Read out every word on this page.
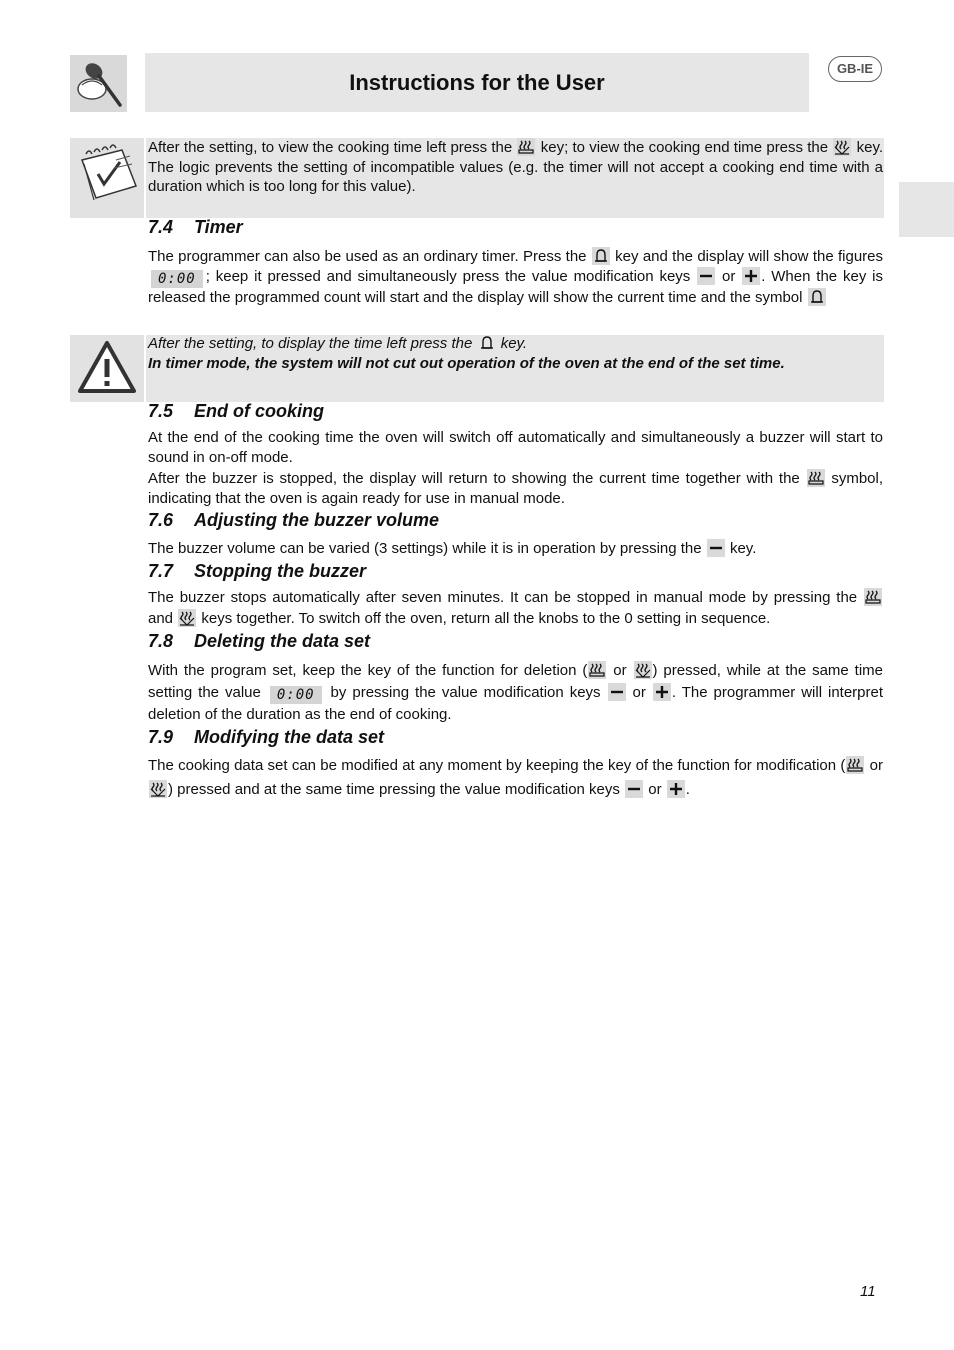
Instructions for the User
GB-IE

After the setting, to view the cooking time left press the key; to view the cooking end time press the key. The logic prevents the setting of incompatible values (e.g. the timer will not accept a cooking end time with a duration which is too long for this value).

7.4 Timer

The programmer can also be used as an ordinary timer. Press the key and the display will show the figures 0:00 ; keep it pressed and simultaneously press the value modification keys or . When the key is released the programmed count will start and the display will show the current time and the symbol

After the setting, to display the time left press the key.
In timer mode, the system will not cut out operation of the oven at the end of the set time.

7.5 End of cooking

At the end of the cooking time the oven will switch off automatically and simultaneously a buzzer will start to sound in on-off mode.

After the buzzer is stopped, the display will return to showing the current time together with the symbol, indicating that the oven is again ready for use in manual mode.

7.6 Adjusting the buzzer volume

The buzzer volume can be varied (3 settings) while it is in operation by pressing the key.

7.7 Stopping the buzzer

The buzzer stops automatically after seven minutes. It can be stopped in manual mode by pressing the
and keys together. To switch off the oven, return all the knobs to the 0 setting in sequence.

7.8 Deleting the data set

With the program set, keep the key of the function for deletion ( or ) pressed, while at the same time setting the value 0:00 by pressing the value modification keys or . The programmer will interpret deletion of the duration as the end of cooking.

7.9 Modifying the data set

The cooking data set can be modified at any moment by keeping the key of the function for modification ( or
) pressed and at the same time pressing the value modification keys or .

11
